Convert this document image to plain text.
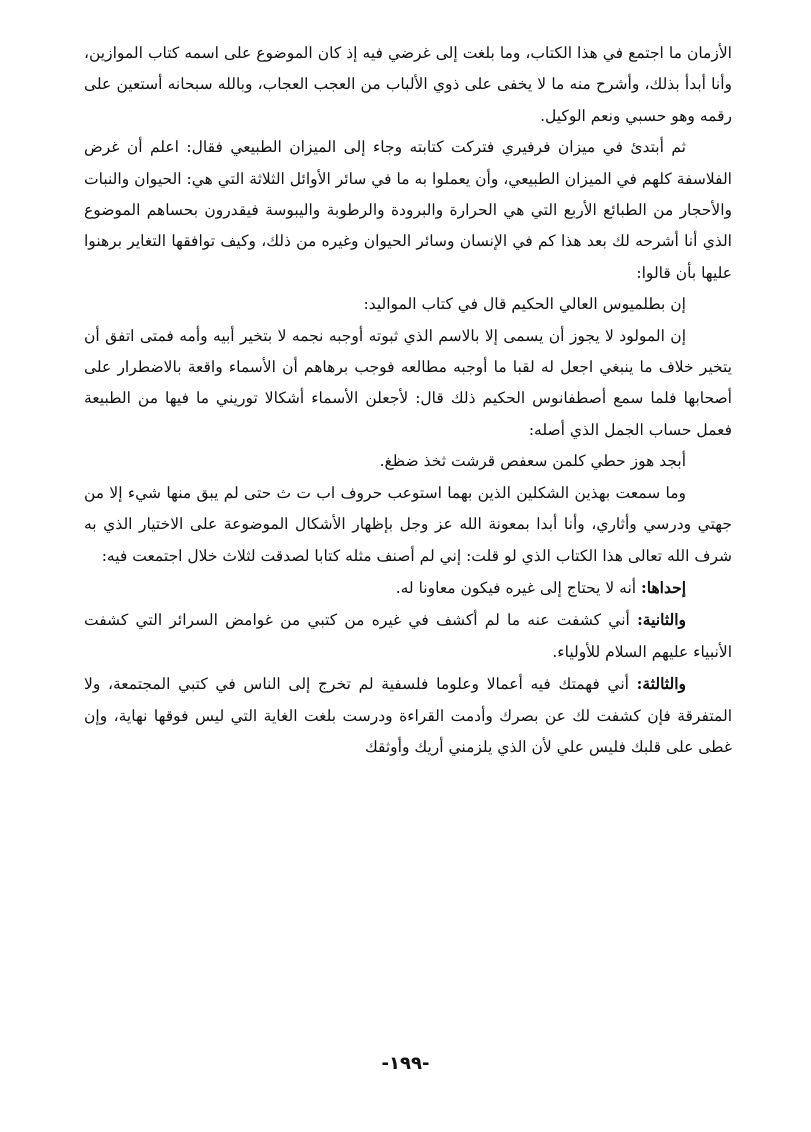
الأزمان ما اجتمع في هذا الكتاب، وما بلغت إلى غرضي فيه إذ كان الموضوع على اسمه كتاب الموازين، وأنا أبدأ بذلك، وأشرح منه ما لا يخفى على ذوي الألباب من العجب العجاب، وبالله سبحانه أستعين على رقمه وهو حسبي ونعم الوكيل.

ثم أبتدئ في ميزان فرفيري فتركت كتابته وجاء إلى الميزان الطبيعي فقال: اعلم أن غرض الفلاسفة كلهم في الميزان الطبيعي، وأن يعملوا به ما في سائر الأوائل الثلاثة التي هي: الحيوان والنبات والأحجار من الطبائع الأربع التي هي الحرارة والبرودة والرطوبة واليبوسة فيقدرون بحساهم الموضوع الذي أنا أشرحه لك بعد هذا كم في الإنسان وسائر الحيوان وغيره من ذلك، وكيف توافقها التغاير برهنوا عليها بأن قالوا:

إن بطلميوس العالي الحكيم قال في كتاب المواليد:

إن المولود لا يجوز أن يسمى إلا بالاسم الذي ثبوته أوجبه نجمه لا بتخير أبيه وأمه فمتى اتفق أن يتخير خلاف ما ينبغي اجعل له لقبا ما أوجبه مطالعه فوجب برهاهم أن الأسماء واقعة بالاضطرار على أصحابها فلما سمع أصطفانوس الحكيم ذلك قال: لأجعلن الأسماء أشكالا توريني ما فيها من الطبيعة فعمل حساب الجمل الذي أصله:

أبجد هوز حطي كلمن سعفص قرشت ثخذ ضظغ.

وما سمعت بهذين الشكلين الذين بهما استوعب حروف اب ت ث حتى لم يبق منها شيء إلا من جهتي ودرسي وأثاري، وأنا أبدا بمعونة الله عز وجل بإظهار الأشكال الموضوعة على الاختيار الذي به شرف الله تعالى هذا الكتاب الذي لو قلت: إني لم أصنف مثله كتابا لصدقت لثلاث خلال اجتمعت فيه:

إحداها: أنه لا يحتاج إلى غيره فيكون معاونا له.

والثانية: أني كشفت عنه ما لم أكشف في غيره من كتبي من غوامض السرائر التي كشفت الأنبياء عليهم السلام للأولياء.

والثالثة: أني فهمتك فيه أعمالا وعلوما فلسفية لم تخرج إلى الناس في كتبي المجتمعة، ولا المتفرقة فإن كشفت لك عن بصرك وأدمت القراءة ودرست بلغت الغاية التي ليس فوقها نهاية، وإن غطى على قلبك فليس علي لأن الذي يلزمني أريك وأوثقك

-١٩٩-
